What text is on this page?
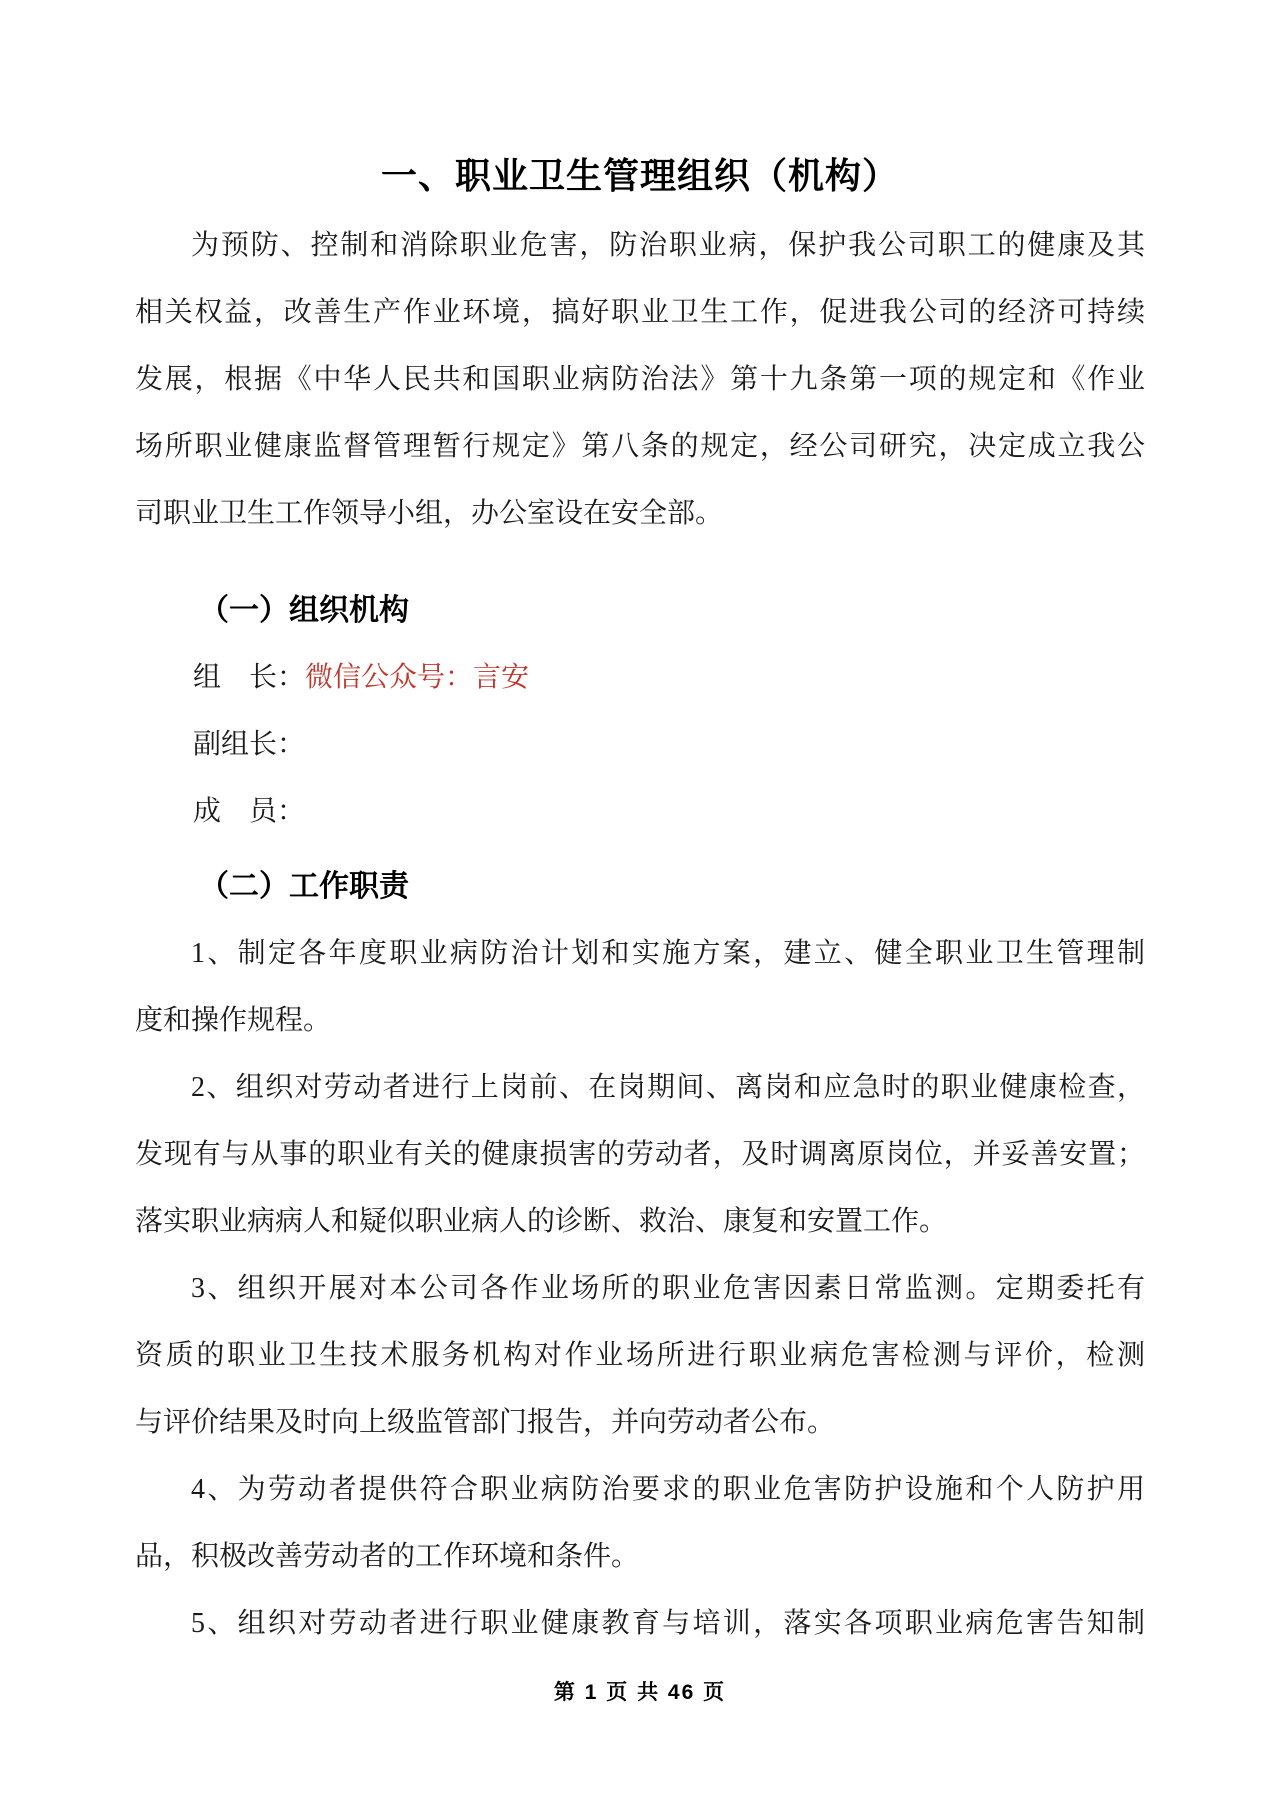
一、职业卫生管理组织（机构）
为预防、控制和消除职业危害，防治职业病，保护我公司职工的健康及其
相关权益，改善生产作业环境，搞好职业卫生工作，促进我公司的经济可持续
发展，根据《中华人民共和国职业病防治法》第十九条第一项的规定和《作业
场所职业健康监督管理暂行规定》第八条的规定，经公司研究，决定成立我公
司职业卫生工作领导小组，办公室设在安全部。
（一）组织机构
组　长：微信公众号：言安
副组长：
成　员：
（二）工作职责
1、制定各年度职业病防治计划和实施方案，建立、健全职业卫生管理制
度和操作规程。
2、组织对劳动者进行上岗前、在岗期间、离岗和应急时的职业健康检查，
发现有与从事的职业有关的健康损害的劳动者，及时调离原岗位，并妥善安置；
落实职业病病人和疑似职业病人的诊断、救治、康复和安置工作。
3、组织开展对本公司各作业场所的职业危害因素日常监测。定期委托有
资质的职业卫生技术服务机构对作业场所进行职业病危害检测与评价，检测
与评价结果及时向上级监管部门报告，并向劳动者公布。
4、为劳动者提供符合职业病防治要求的职业危害防护设施和个人防护用
品，积极改善劳动者的工作环境和条件。
5、组织对劳动者进行职业健康教育与培训，落实各项职业病危害告知制
第 1 页 共 46 页
